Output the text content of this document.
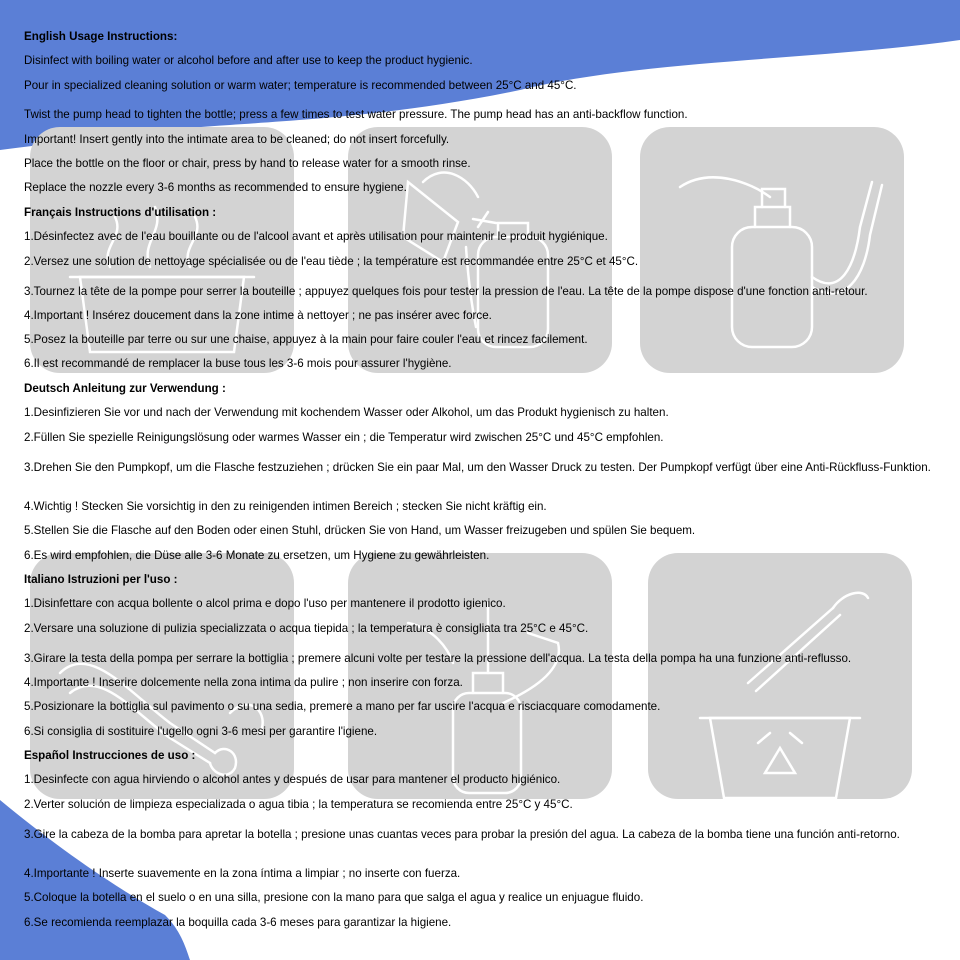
English Usage Instructions:
Disinfect with boiling water or alcohol before and after use to keep the product hygienic.
Pour in specialized cleaning solution or warm water; temperature is recommended between 25°C and 45°C.
Twist the pump head to tighten the bottle; press a few times to test water pressure. The pump head has an anti-backflow function.
Important! Insert gently into the intimate area to be cleaned; do not insert forcefully.
Place the bottle on the floor or chair, press by hand to release water for a smooth rinse.
Replace the nozzle every 3-6 months as recommended to ensure hygiene.
Français Instructions d'utilisation :
1.Désinfectez avec de l'eau bouillante ou de l'alcool avant et après utilisation pour maintenir le produit hygiénique.
2.Versez une solution de nettoyage spécialisée ou de l'eau tiède ; la température est recommandée entre 25°C et 45°C.
3.Tournez la tête de la pompe pour serrer la bouteille ; appuyez quelques fois pour tester la pression de l'eau. La tête de la pompe dispose d'une fonction anti-retour.
4.Important ! Insérez doucement dans la zone intime à nettoyer ; ne pas insérer avec force.
5.Posez la bouteille par terre ou sur une chaise, appuyez à la main pour faire couler l'eau et rincez facilement.
6.Il est recommandé de remplacer la buse tous les 3-6 mois pour assurer l'hygiène.
Deutsch Anleitung zur Verwendung :
1.Desinfizieren Sie vor und nach der Verwendung mit kochendem Wasser oder Alkohol, um das Produkt hygienisch zu halten.
2.Füllen Sie spezielle Reinigungslösung oder warmes Wasser ein ; die Temperatur wird zwischen 25°C und 45°C empfohlen.
3.Drehen Sie den Pumpkopf, um die Flasche festzuziehen ; drücken Sie ein paar Mal, um den Wasser Druck zu testen. Der Pumpkopf verfügt über eine Anti-Rückfluss-Funktion.
4.Wichtig ! Stecken Sie vorsichtig in den zu reinigenden intimen Bereich ; stecken Sie nicht kräftig ein.
5.Stellen Sie die Flasche auf den Boden oder einen Stuhl, drücken Sie von Hand, um Wasser freizugeben und spülen Sie bequem.
6.Es wird empfohlen, die Düse alle 3-6 Monate zu ersetzen, um Hygiene zu gewährleisten.
Italiano Istruzioni per l'uso :
1.Disinfettare con acqua bollente o alcol prima e dopo l'uso per mantenere il prodotto igienico.
2.Versare una soluzione di pulizia specializzata o acqua tiepida ; la temperatura è consigliata tra 25°C e 45°C.
3.Girare la testa della pompa per serrare la bottiglia ; premere alcuni volte per testare la pressione dell'acqua. La testa della pompa ha una funzione anti-reflusso.
4.Importante ! Inserire dolcemente nella zona intima da pulire ; non inserire con forza.
5.Posizionare la bottiglia sul pavimento o su una sedia, premere a mano per far uscire l'acqua e risciacquare comodamente.
6.Si consiglia di sostituire l'ugello ogni 3-6 mesi per garantire l'igiene.
Español Instrucciones de uso :
1.Desinfecte con agua hirviendo o alcohol antes y después de usar para mantener el producto higiénico.
2.Verter solución de limpieza especializada o agua tibia ; la temperatura se recomienda entre 25°C y 45°C.
3.Gire la cabeza de la bomba para apretar la botella ; presione unas cuantas veces para probar la presión del agua. La cabeza de la bomba tiene una función anti-retorno.
4.Importante ! Inserte suavemente en la zona íntima a limpiar ; no inserte con fuerza.
5.Coloque la botella en el suelo o en una silla, presione con la mano para que salga el agua y realice un enjuague fluido.
6.Se recomienda reemplazar la boquilla cada 3-6 meses para garantizar la higiene.
